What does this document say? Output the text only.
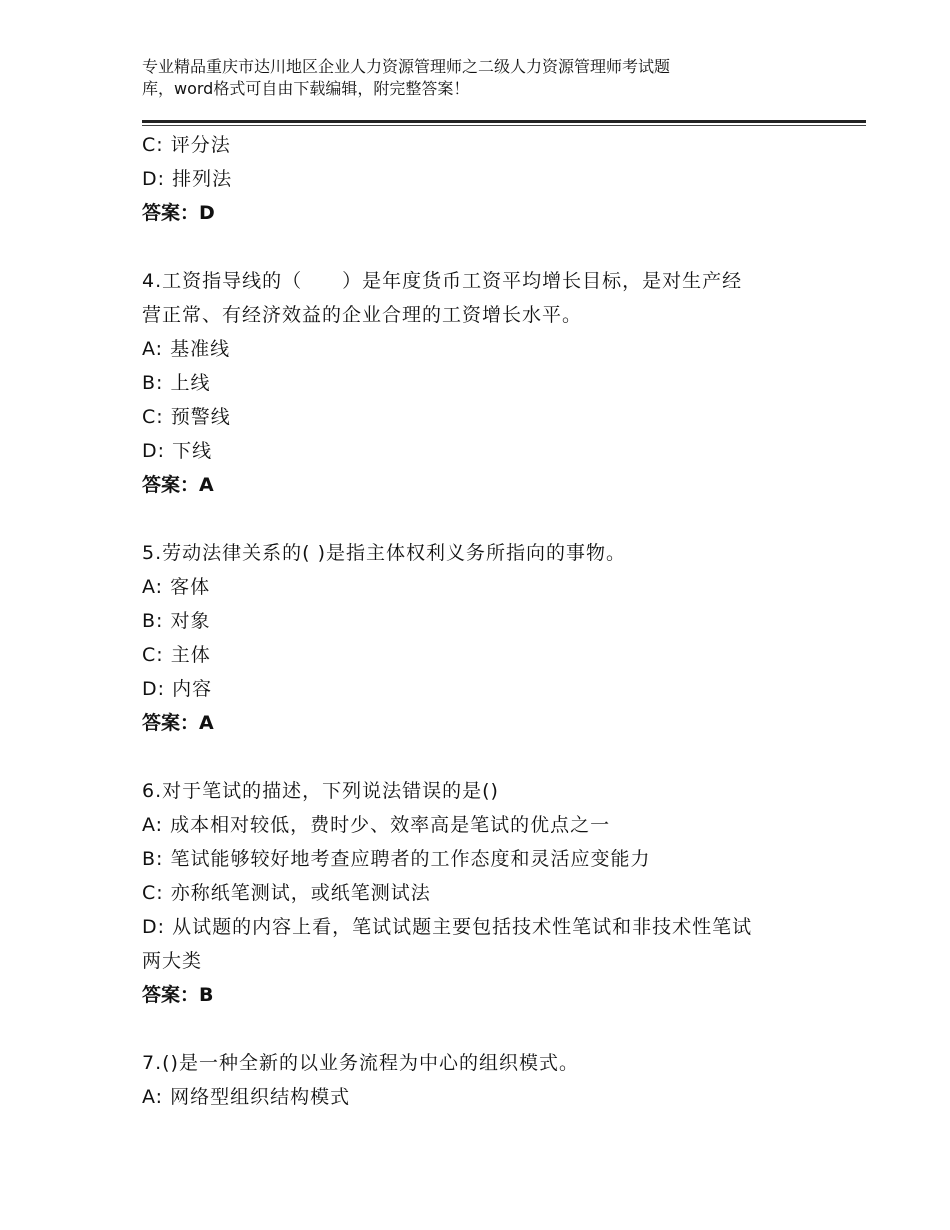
专业精品重庆市达川地区企业人力资源管理师之二级人力资源管理师考试题
库，word格式可自由下载编辑，附完整答案！

C: 评分法

D: 排列法

答案：D

4.工资指导线的（　　）是年度货币工资平均增长目标，是对生产经

营正常、有经济效益的企业合理的工资增长水平。

A: 基准线

B: 上线

C: 预警线

D: 下线

答案：A

5.劳动法律关系的( )是指主体权利义务所指向的事物。

A: 客体

B: 对象

C: 主体

D: 内容

答案：A

6.对于笔试的描述，下列说法错误的是()

A: 成本相对较低，费时少、效率高是笔试的优点之一

B: 笔试能够较好地考查应聘者的工作态度和灵活应变能力

C: 亦称纸笔测试，或纸笔测试法

D: 从试题的内容上看，笔试试题主要包括技术性笔试和非技术性笔试

两大类

答案：B

7.()是一种全新的以业务流程为中心的组织模式。

A: 网络型组织结构模式
